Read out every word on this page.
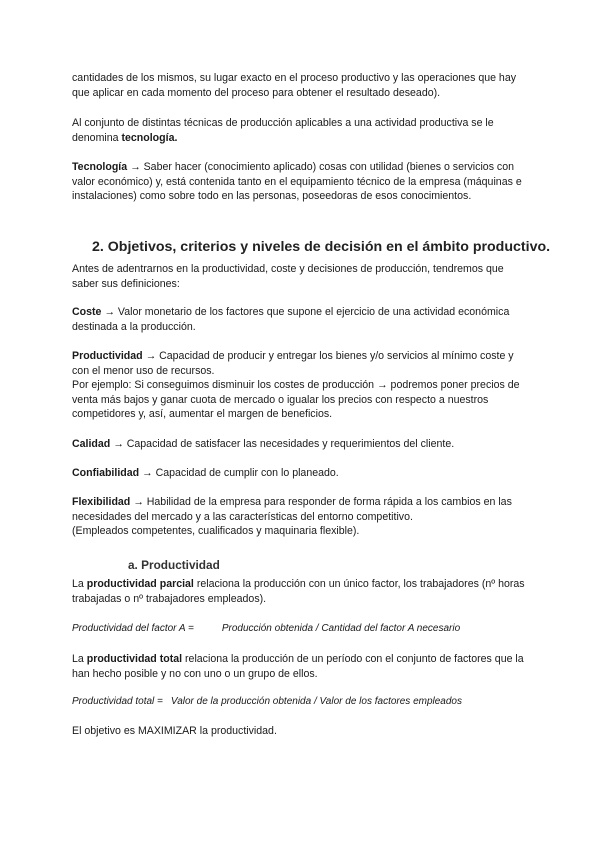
cantidades de los mismos, su lugar exacto en el proceso productivo y las operaciones que hay que aplicar en cada momento del proceso para obtener el resultado deseado).

Al conjunto de distintas técnicas de producción aplicables a una actividad productiva se le denomina tecnología.

Tecnología → Saber hacer (conocimiento aplicado) cosas con utilidad (bienes o servicios con valor económico) y, está contenida tanto en el equipamiento técnico de la empresa (máquinas e instalaciones) como sobre todo en las personas, poseedoras de esos conocimientos.

2. Objetivos, criterios y niveles de decisión en el ámbito productivo.

Antes de adentrarnos en la productividad, coste y decisiones de producción, tendremos que saber sus definiciones:

Coste → Valor monetario de los factores que supone el ejercicio de una actividad económica destinada a la producción.

Productividad → Capacidad de producir y entregar los bienes y/o servicios al mínimo coste y con el menor uso de recursos.

Por ejemplo: Si conseguimos disminuir los costes de producción → podremos poner precios de venta más bajos y ganar cuota de mercado o igualar los precios con respecto a nuestros competidores y, así, aumentar el margen de beneficios.

Calidad → Capacidad de satisfacer las necesidades y requerimientos del cliente.

Confiabilidad → Capacidad de cumplir con lo planeado.

Flexibilidad → Habilidad de la empresa para responder de forma rápida a los cambios en las necesidades del mercado y a las características del entorno competitivo.

(Empleados competentes, cualificados y maquinaria flexible).

a. Productividad

La productividad parcial relaciona la producción con un único factor, los trabajadores (nº horas trabajadas o nº trabajadores empleados).

Productividad del factor A =	Producción obtenida / Cantidad del factor A necesario

La productividad total relaciona la producción de un período con el conjunto de factores que la han hecho posible y no con uno o un grupo de ellos.

Productividad total = Valor de la producción obtenida / Valor de los factores empleados

El objetivo es MAXIMIZAR la productividad.
